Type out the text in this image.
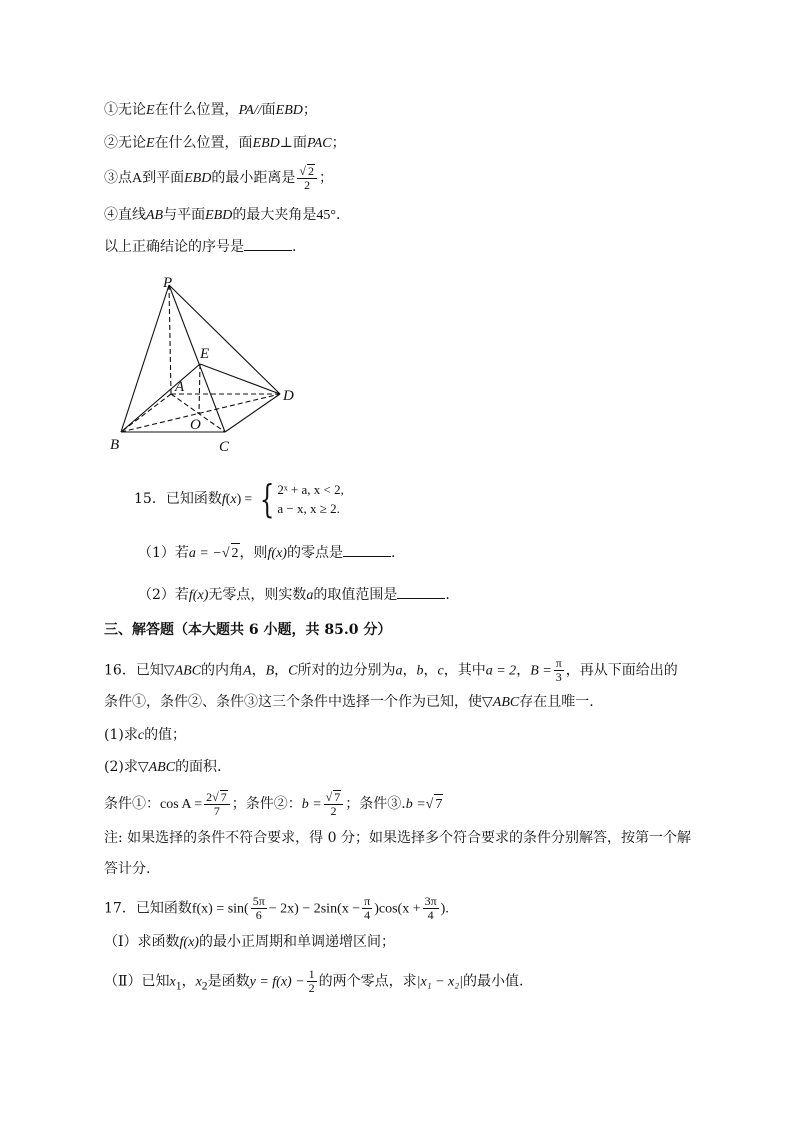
①无论E在什么位置，PA//面EBD；
②无论E在什么位置，面EBD⊥面PAC；
③点A到平面EBD的最小距离是 $\frac{√ 2}{2}$ ；
④直线AB与平面EBD的最大夹角是45°.
以上正确结论的序号是	.
P
E
A
D
O
B	C
15．已知函数f(x) = { 2ˣ + a, x < 2,
a − x, x ≥ 2.
（1）若a = −√ 2，则f(x)的零点是	.
（2）若f(x)无零点，则实数a的取值范围是	.
三、解答题（本大题共 6 小题，共 85.0 分）
16．已知▽ABC的内角A，B，C所对的边分别为a，b，c，其中a = 2，$B = \frac{\pi}{3}$ ，再从下面给出的
条件①，条件②、条件③这三个条件中选择一个作为已知，使▽ABC存在且唯一.
(1)求c的值；
(2)求▽ABC的面积.
条件①：$\cos A = \frac{2√ 7}{7}$ ；条件②：$b = \frac{√ 7}{2}$ ；条件③.b =√ 7
注: 如果选择的条件不符合要求，得 0 分；如果选择多个符合要求的条件分别解答，按第一个解
答计分.
17．已知函数$f(x) = \sin( \frac{5\pi}{6} - 2x) - 2\sin(x - \frac{\pi}{4} )\cos(x + \frac{3\pi}{4}$ ).
（Ⅰ）求函数f(x)的最小正周期和单调递增区间；
（Ⅱ）已知$x_1$，$x_2$是函数$y = f(x) - \frac{1}{2}$ 的两个零点，求|x₁ − x₂|的最小值.
